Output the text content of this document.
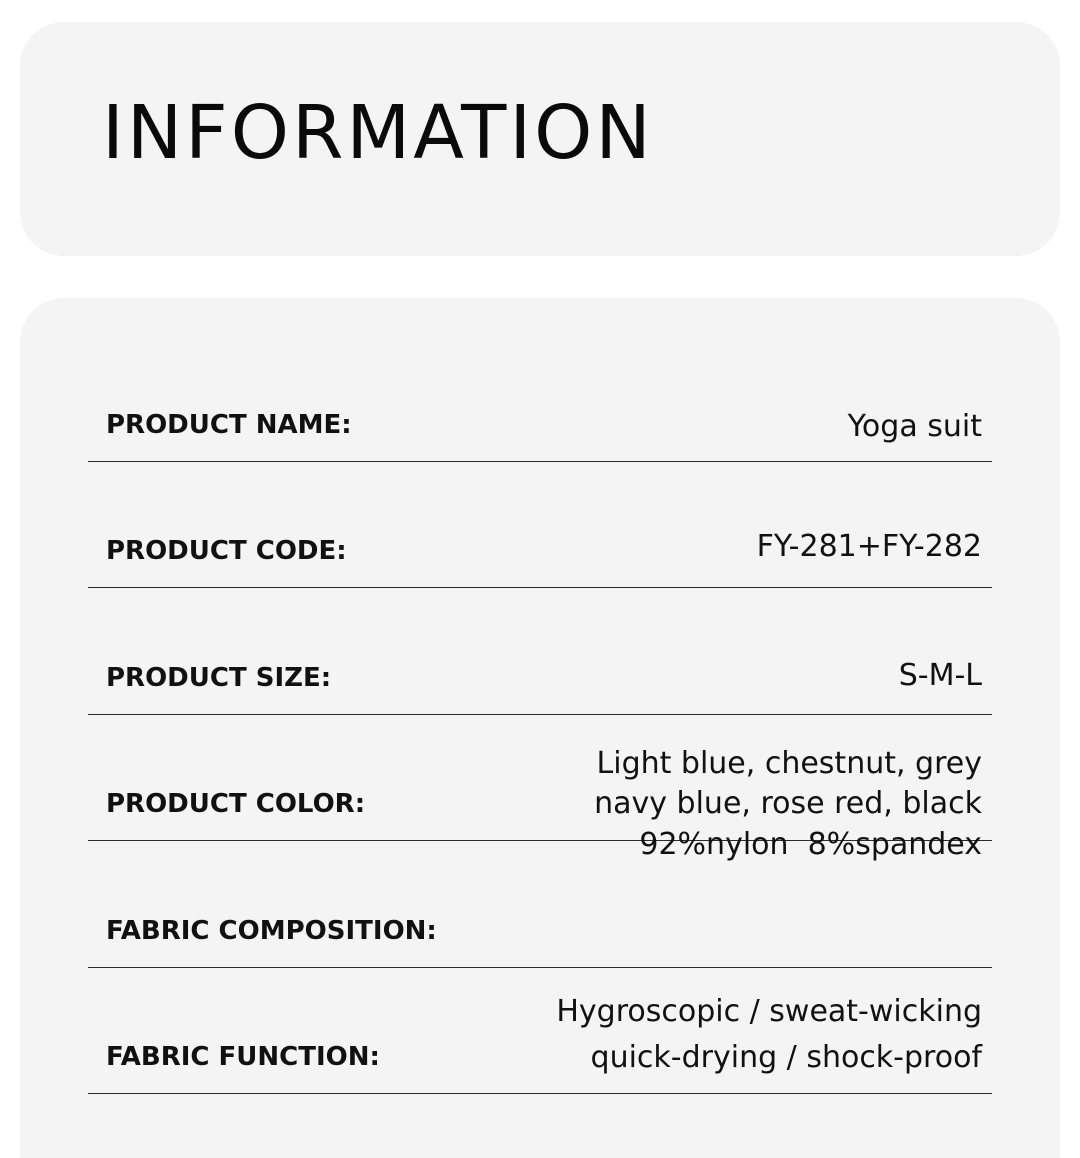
INFORMATION
PRODUCT NAME:	Yoga suit
PRODUCT CODE:	FY-281+FY-282
PRODUCT SIZE:	S-M-L
PRODUCT COLOR:
Light blue, chestnut, grey
navy blue, rose red, black
FABRIC COMPOSITION:

92%nylon  8%spandex

FABRIC FUNCTION:
Hygroscopic / sweat-wicking
quick-drying / shock-proof
